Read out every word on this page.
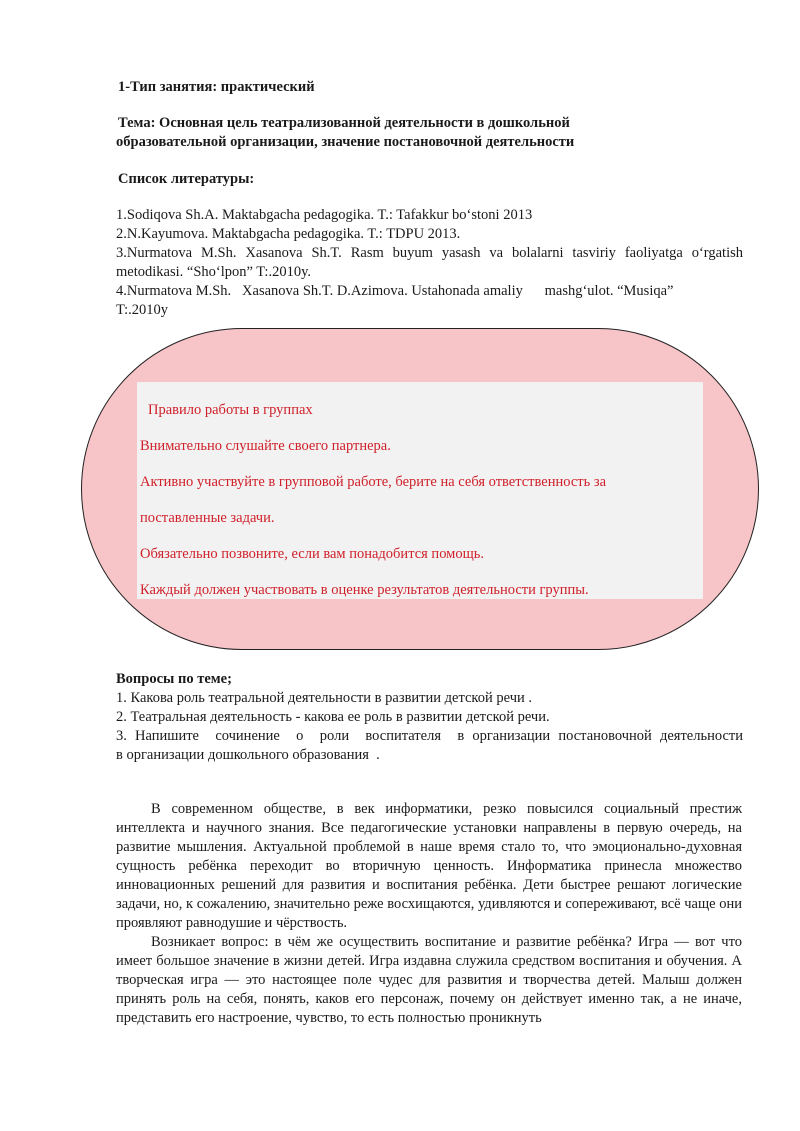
1-Тип занятия: практический
Тема: Основная цель театрализованной деятельности в дошкольной
образовательной организации, значение постановочной деятельности
Список литературы:
1.Sodiqova Sh.A. Maktabgacha pedagogika. T.: Tafakkur bo‘stoni 2013
2.N.Kayumova. Maktabgacha pedagogika. T.: TDPU 2013.
3.Nurmatova M.Sh. Xasanova Sh.T. Rasm buyum yasash va bolalarni tasviriy faoliyatga o‘rgatish
metodikasi. “Sho‘lpon” T:.2010y.
4.Nurmatova M.Sh.   Xasanova Sh.T. D.Azimova. Ustahonada amaliy      mashg‘ulot. “Musiqa”
T:.2010y
Правило работы в группах
Внимательно слушайте своего партнера.
Активно участвуйте в групповой работе, берите на себя ответственность за
поставленные задачи.
Обязательно позвоните, если вам понадобится помощь.
Каждый должен участвовать в оценке результатов деятельности группы.
Вопросы по теме;
1. Какова роль театральной деятельности в развитии детской речи .
2. Театральная деятельность - какова ее роль в развитии детской речи.
3. Напишите  сочинение  о  роли  воспитателя  в организации постановочной деятельности
в организации дошкольного образования  .

В современном обществе, в век информатики, резко повысился социальный престиж интеллекта и научного знания. Все педагогические установки направлены в первую очередь, на развитие мышления. Актуальной проблемой в наше время стало то, что эмоционально-духовная сущность ребёнка переходит во вторичную ценность. Информатика принесла множество инновационных решений для развития и воспитания ребёнка. Дети быстрее решают логические задачи, но, к сожалению, значительно реже восхищаются, удивляются и сопереживают, всё чаще они проявляют равнодушие и чёрствость.

Возникает вопрос: в чём же осуществить воспитание и развитие ребёнка? Игра — вот что имеет большое значение в жизни детей. Игра издавна служила средством воспитания и обучения. А творческая игра — это настоящее поле чудес для развития и творчества детей. Малыш должен принять роль на себя, понять, каков его персонаж, почему он действует именно так, а не иначе, представить его настроение, чувство, то есть полностью проникнуть
